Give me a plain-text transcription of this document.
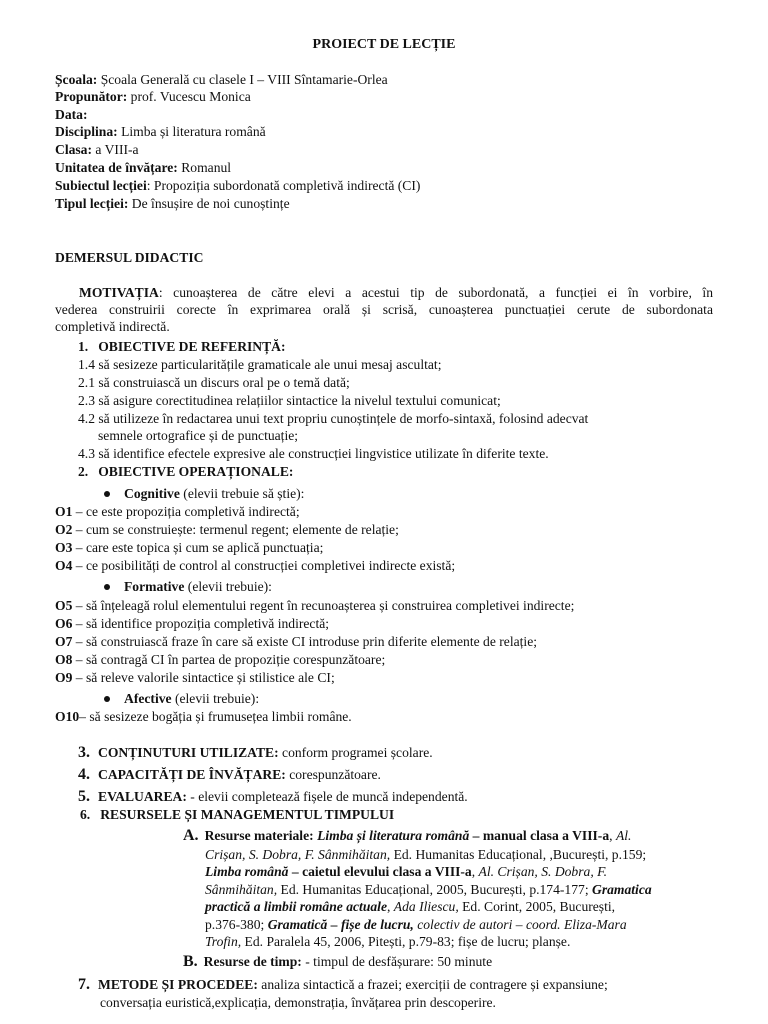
PROIECT DE LECȚIE
Școala: Școala Generală cu clasele I – VIII Sîntamarie-Orlea
Propunător: prof. Vucescu Monica
Data:
Disciplina: Limba și literatura română
Clasa: a VIII-a
Unitatea de învățare: Romanul
Subiectul lecției: Propoziția subordonată completivă indirectă (CI)
Tipul lecției: De însușire de noi cunoștințe
DEMERSUL DIDACTIC
MOTIVAȚIA: cunoașterea de către elevi a acestui tip de subordonată, a funcției ei în vorbire, în
vederea construirii corecte în exprimarea orală și scrisă, cunoașterea punctuației cerute de subordonata
completivă indirectă.
1. OBIECTIVE DE REFERINȚĂ:
1.4 să sesizeze particularitățile gramaticale ale unui mesaj ascultat;
2.1 să construiască un discurs oral pe o temă dată;
2.3 să asigure corectitudinea relațiilor sintactice la nivelul textului comunicat;
4.2 să utilizeze în redactarea unui text propriu cunoștințele de morfo-sintaxă, folosind adecvat
semnele ortografice și de punctuație;
4.3 să identifice efectele expresive ale construcției lingvistice utilizate în diferite texte.
2. OBIECTIVE OPERAȚIONALE:
Cognitive (elevii trebuie să știe):
O1 – ce este propoziția completivă indirectă;
O2 – cum se construiește: termenul regent; elemente de relație;
O3 – care este topica și cum se aplică punctuația;
O4 – ce posibilități de control al construcției completivei indirecte există;
Formative (elevii trebuie):
O5 – să înțeleagă rolul elementului regent în recunoașterea și construirea completivei indirecte;
O6 – să identifice propoziția completivă indirectă;
O7 – să construiască fraze în care să existe CI introduse prin diferite elemente de relație;
O8 – să contragă CI în partea de propoziție corespunzătoare;
O9 – să releve valorile sintactice și stilistice ale CI;
Afective (elevii trebuie):
O10– să sesizeze bogăția și frumusețea limbii române.
3. CONȚINUTURI UTILIZATE: conform programei școlare.
4. CAPACITĂȚI DE ÎNVĂȚARE: corespunzătoare.
5. EVALUAREA: - elevii completează fișele de muncă independentă.
6. RESURSELE ȘI MANAGEMENTUL TIMPULUI
A. Resurse materiale: Limba și literatura română – manual clasa a VIII-a, Al.
Crișan, S. Dobra, F. Sânmihăitan, Ed. Humanitas Educațional, ,București, p.159;
Limba română – caietul elevului clasa a VIII-a, Al. Crișan, S. Dobra, F.
Sânmihăitan, Ed. Humanitas Educațional, 2005, București, p.174-177; Gramatica
practică a limbii române actuale, Ada Iliescu, Ed. Corint, 2005, București,
p.376-380; Gramatică – fișe de lucru, colectiv de autori – coord. Eliza-Mara
Trofin, Ed. Paralela 45, 2006, Pitești, p.79-83; fișe de lucru; planșe.
B. Resurse de timp: - timpul de desfășurare: 50 minute
7. METODE ȘI PROCEDEE: analiza sintactică a frazei; exerciții de contragere și expansiune;
conversația euristică,explicația, demonstrația, învățarea prin descoperire.
